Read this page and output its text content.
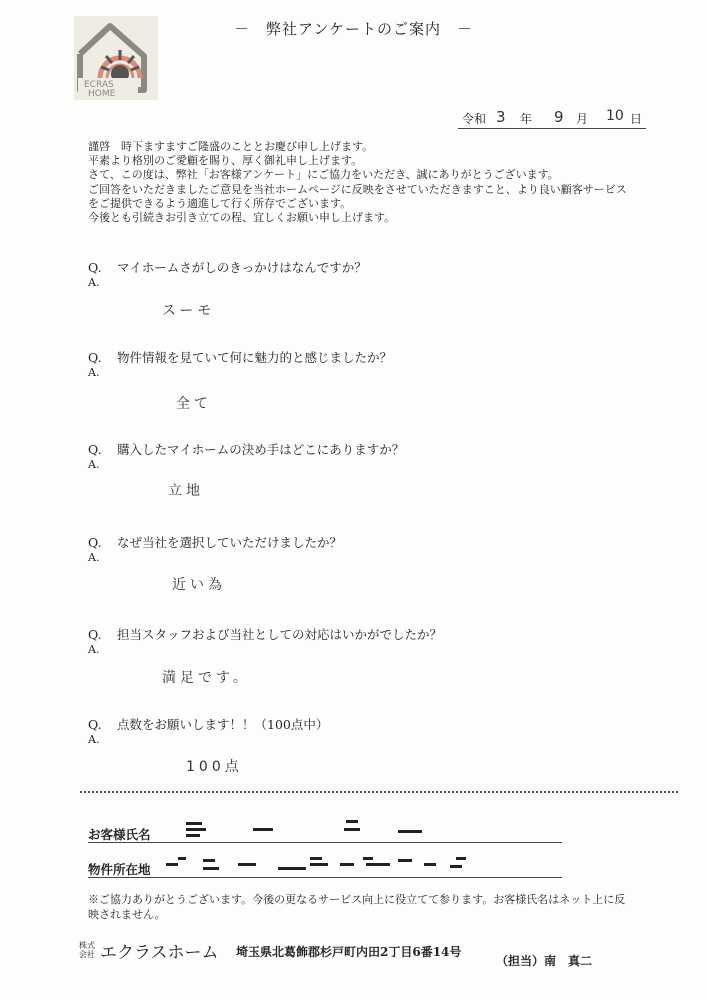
－　弊社アンケートのご案内　－
ECRAS
HOME
令和 3 年 9 月 10 日
謹啓　時下ますますご隆盛のこととお慶び申し上げます。
平素より格別のご愛顧を賜り、厚く御礼申し上げます。
さて、この度は、弊社「お客様アンケート」にご協力をいただき、誠にありがとうございます。
ご回答をいただきましたご意見を当社ホームページに反映をさせていただきますこと、より良い顧客サービス
をご提供できるよう適進して行く所存でございます。
今後とも引続きお引き立ての程、宜しくお願い申し上げます。
Q. マイホームさがしのきっかけはなんですか？
A.
スーモ
Q. 物件情報を見ていて何に魅力的と感じましたか？
A.
全て
Q. 購入したマイホームの決め手はどこにありますか？
A.
立地
Q. なぜ当社を選択していただけましたか？
A.
近い為
Q. 担当スタッフおよび当社としての対応はいかがでしたか？
A.
満足です。
Q. 点数をお願いします！！（100点中）
A.
100点
お客様氏名
物件所在地
※ご協力ありがとうございます。今後の更なるサービス向上に役立てて参ります。お客様氏名はネット上に反
映されません。
株式
会社 エクラスホーム 埼玉県北葛飾郡杉戸町内田2丁目6番14号
（担当）南　真二
